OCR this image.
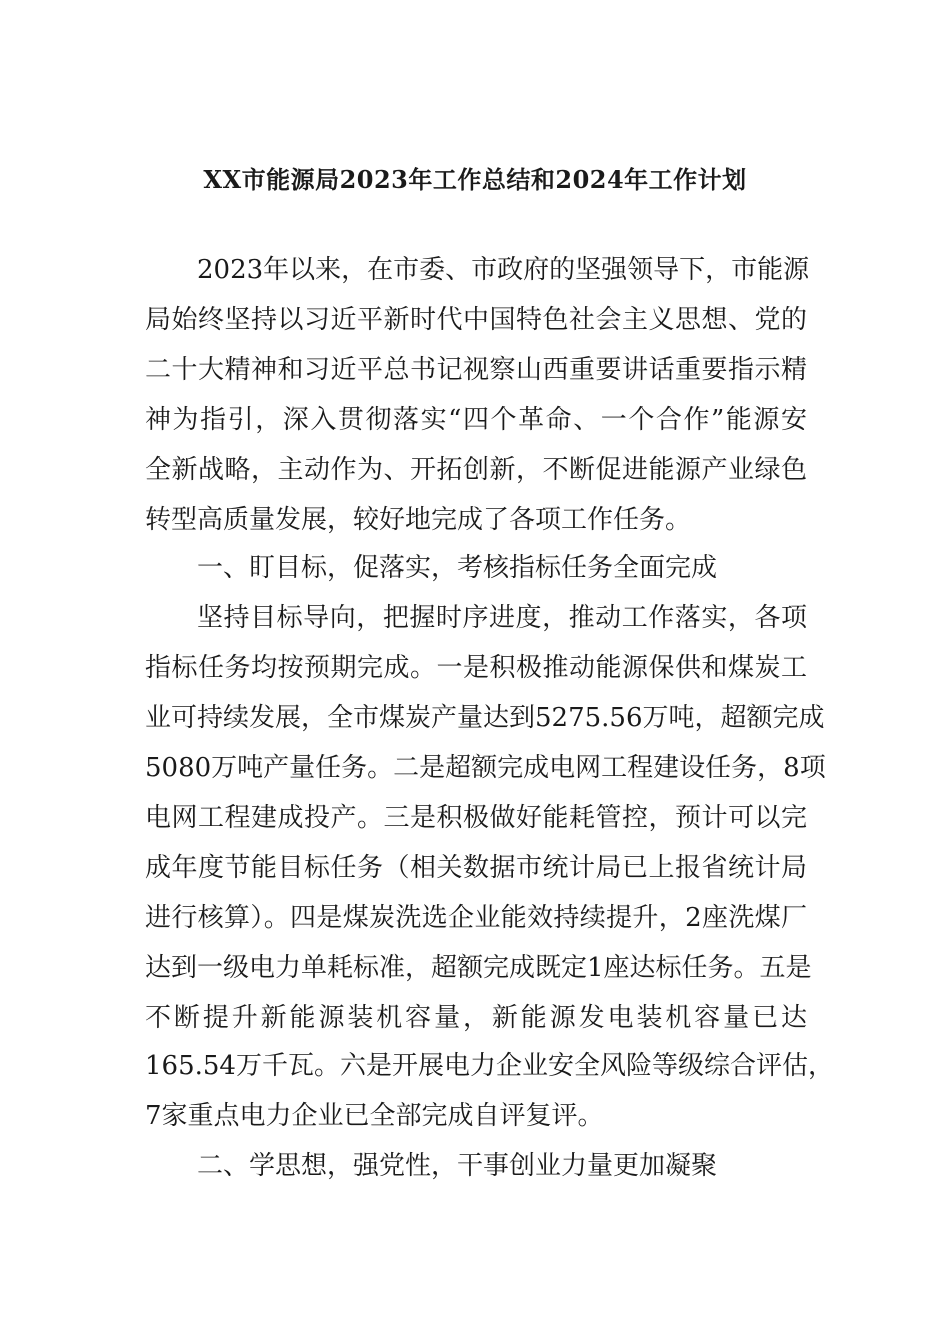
XX市能源局2023年工作总结和2024年工作计划
2023年以来，在市委、市政府的坚强领导下，市能源
局始终坚持以习近平新时代中国特色社会主义思想、党的
二十大精神和习近平总书记视察山西重要讲话重要指示精
神为指引，深入贯彻落实“四个革命、一个合作”能源安
全新战略，主动作为、开拓创新，不断促进能源产业绿色
转型高质量发展，较好地完成了各项工作任务。
一、盯目标，促落实，考核指标任务全面完成
坚持目标导向，把握时序进度，推动工作落实，各项
指标任务均按预期完成。一是积极推动能源保供和煤炭工
业可持续发展，全市煤炭产量达到5275.56万吨，超额完成
5080万吨产量任务。二是超额完成电网工程建设任务，8项
电网工程建成投产。三是积极做好能耗管控，预计可以完
成年度节能目标任务（相关数据市统计局已上报省统计局
进行核算）。四是煤炭洗选企业能效持续提升，2座洗煤厂
达到一级电力单耗标准，超额完成既定1座达标任务。五是
不断提升新能源装机容量，新能源发电装机容量已达
165.54万千瓦。六是开展电力企业安全风险等级综合评估，
7家重点电力企业已全部完成自评复评。
二、学思想，强党性，干事创业力量更加凝聚
